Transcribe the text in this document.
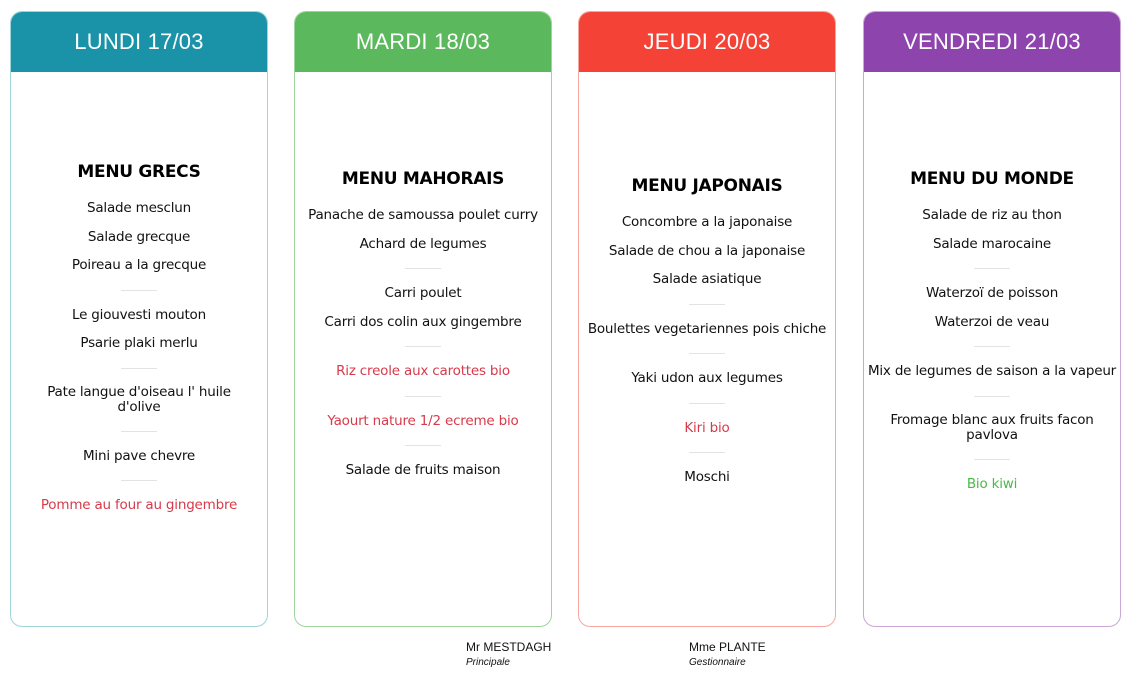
LUNDI 17/03
MENU GRECS
Salade mesclun
Salade grecque
Poireau a la grecque
Le giouvesti mouton
Psarie plaki merlu
Pate langue d'oiseau l' huile d'olive
Mini pave chevre
Pomme au four au gingembre
MARDI 18/03
MENU MAHORAIS
Panache de samoussa poulet curry
Achard de legumes
Carri poulet
Carri dos colin aux gingembre
Riz creole aux carottes bio
Yaourt nature 1/2 ecreme bio
Salade de fruits maison
JEUDI 20/03
MENU JAPONAIS
Concombre a la japonaise
Salade de chou a la japonaise
Salade asiatique
Boulettes vegetariennes pois chiche
Yaki udon aux legumes
Kiri bio
Moschi
VENDREDI 21/03
MENU DU MONDE
Salade de riz au thon
Salade marocaine
Waterzoï de poisson
Waterzoi de veau
Mix de legumes de saison a la vapeur
Fromage blanc aux fruits facon pavlova
Bio kiwi
Mr MESTDAGH
Principale
Mme PLANTE
Gestionnaire
